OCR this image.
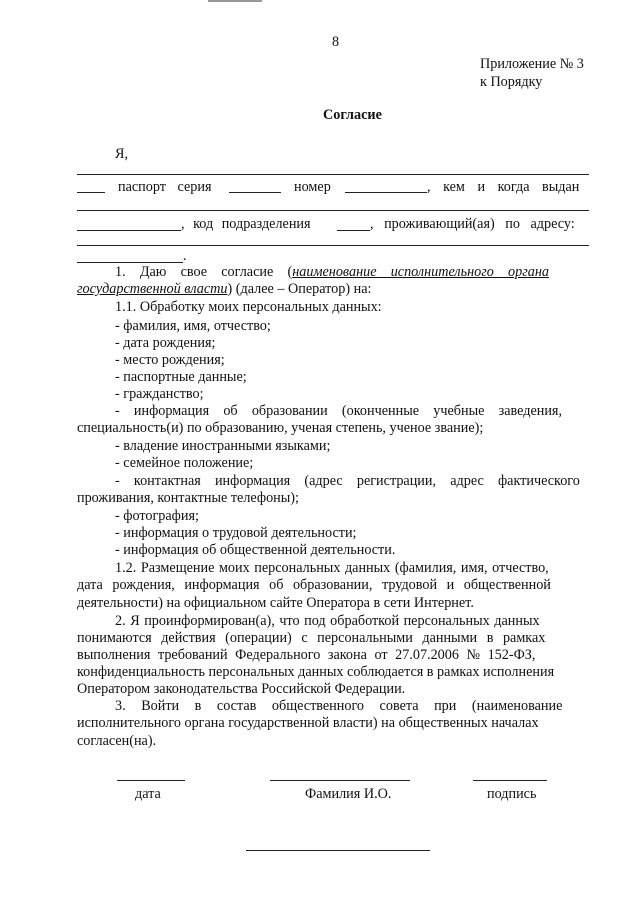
8
Приложение № 3
к Порядку
Согласие
Я,
паспорт серия	номер	, кем и когда выдан
, код подразделения	, проживающий(ая) по адресу:
.
1.    Даю    свое    согласие    (наименование    исполнительного    органа
государственной власти) (далее – Оператор) на:
1.1. Обработку моих персональных данных:
- фамилия, имя, отчество;
- дата рождения;
- место рождения;
- паспортные данные;
- гражданство;
-    информация    об    образовании    (оконченные    учебные    заведения,
специальность(и) по образованию, ученая степень, ученое звание);
- владение иностранными языками;
- семейное положение;
-    контактная    информация    (адрес    регистрации,    адрес    фактического
проживания, контактные телефоны);
- фотография;
- информация о трудовой деятельности;
- информация об общественной деятельности.
1.2. Размещение моих персональных данных (фамилия, имя, отчество,
дата рождения, информация об образовании, трудовой и общественной
деятельности) на официальном сайте Оператора в сети Интернет.
2. Я проинформирован(а), что под обработкой персональных данных
понимаются действия (операции) с персональными данными в рамках
выполнения требований Федерального закона от 27.07.2006 № 152-ФЗ,
конфиденциальность персональных данных соблюдается в рамках исполнения
Оператором законодательства Российской Федерации.
3. Войти в состав общественного совета при (наименование
исполнительного органа государственной власти) на общественных началах
согласен(на).
дата	Фамилия И.О.	подпись
